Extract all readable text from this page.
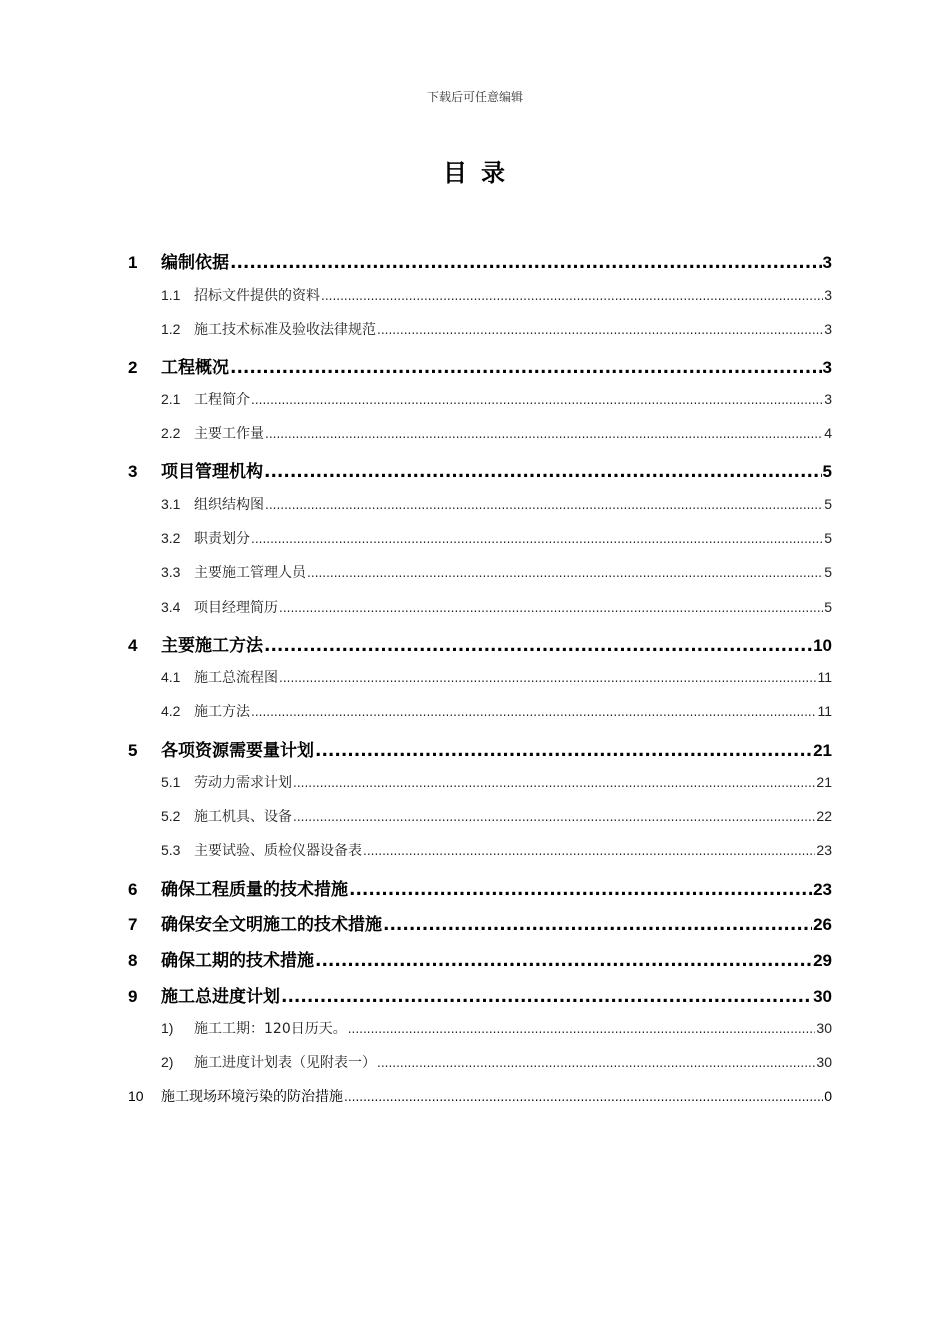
下载后可任意编辑
目录
1	编制依据 .....	3
1.1 招标文件提供的资料 .....	3
1.2 施工技术标准及验收法律规范 .....	3
2	工程概况 .....	3
2.1 工程简介 .....	3
2.2 主要工作量 .....	4
3	项目管理机构 .....	5
3.1 组织结构图 .....	5
3.2 职责划分 .....	5
3.3 主要施工管理人员 .....	5
3.4 项目经理简历 .....	5
4	主要施工方法 .....	10
4.1 施工总流程图 .....	11
4.2 施工方法 .....	11
5	各项资源需要量计划 .....	21
5.1 劳动力需求计划 .....	21
5.2 施工机具、设备 .....	22
5.3 主要试验、质检仪器设备表 .....	23
6	确保工程质量的技术措施 .....	23
7	确保安全文明施工的技术措施 .....	26
8	确保工期的技术措施 .....	29
9	施工总进度计划 .....	30
1)	施工工期：120日历天。 .....	30
2)	施工进度计划表（见附表一） .....	30
10	施工现场环境污染的防治措施 .....	0
